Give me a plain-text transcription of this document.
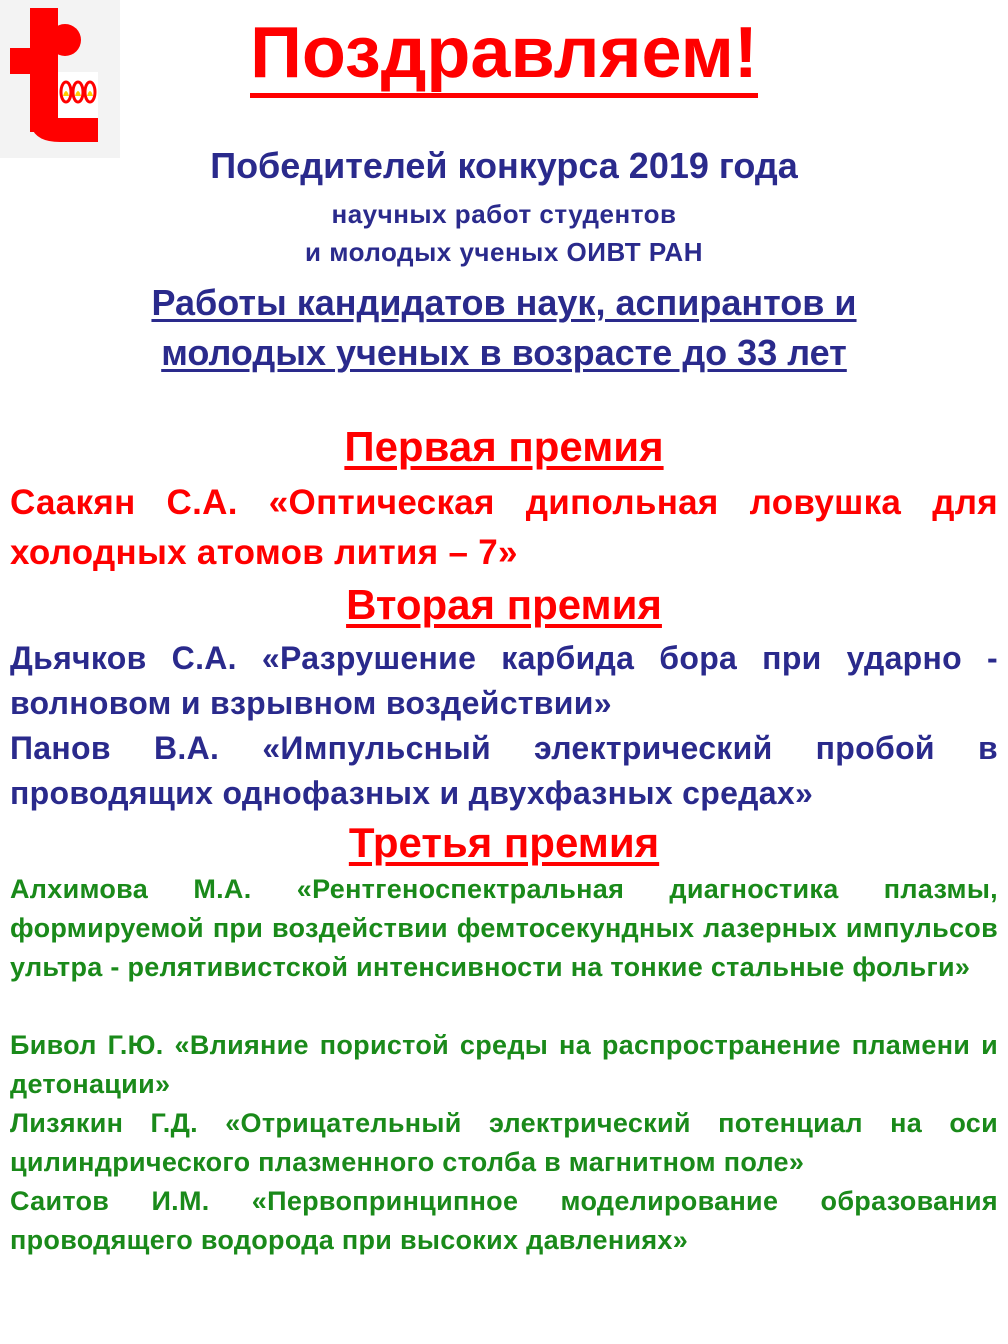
Поздравляем!
Победителей конкурса 2019 года
научных работ студентов
и молодых ученых ОИВТ РАН
Работы кандидатов наук, аспирантов и
молодых ученых в возрасте до 33 лет
Первая премия
Саакян С.А. «Оптическая дипольная ловушка для холодных атомов лития – 7»
Вторая премия
Дьячков С.А. «Разрушение карбида бора при ударно - волновом и взрывном воздействии»
Панов В.А. «Импульсный электрический пробой в проводящих однофазных и двухфазных средах»
Третья премия
Алхимова М.А. «Рентгеноспектральная диагностика плазмы, формируемой при воздействии фемтосекундных лазерных импульсов ультра - релятивистской интенсивности на тонкие стальные фольги»
Бивол Г.Ю. «Влияние пористой среды на распространение пламени и детонации»
Лизякин Г.Д. «Отрицательный электрический потенциал на оси цилиндрического плазменного столба в магнитном поле»
Саитов И.М. «Первопринципное моделирование образования проводящего водорода при высоких давлениях»
